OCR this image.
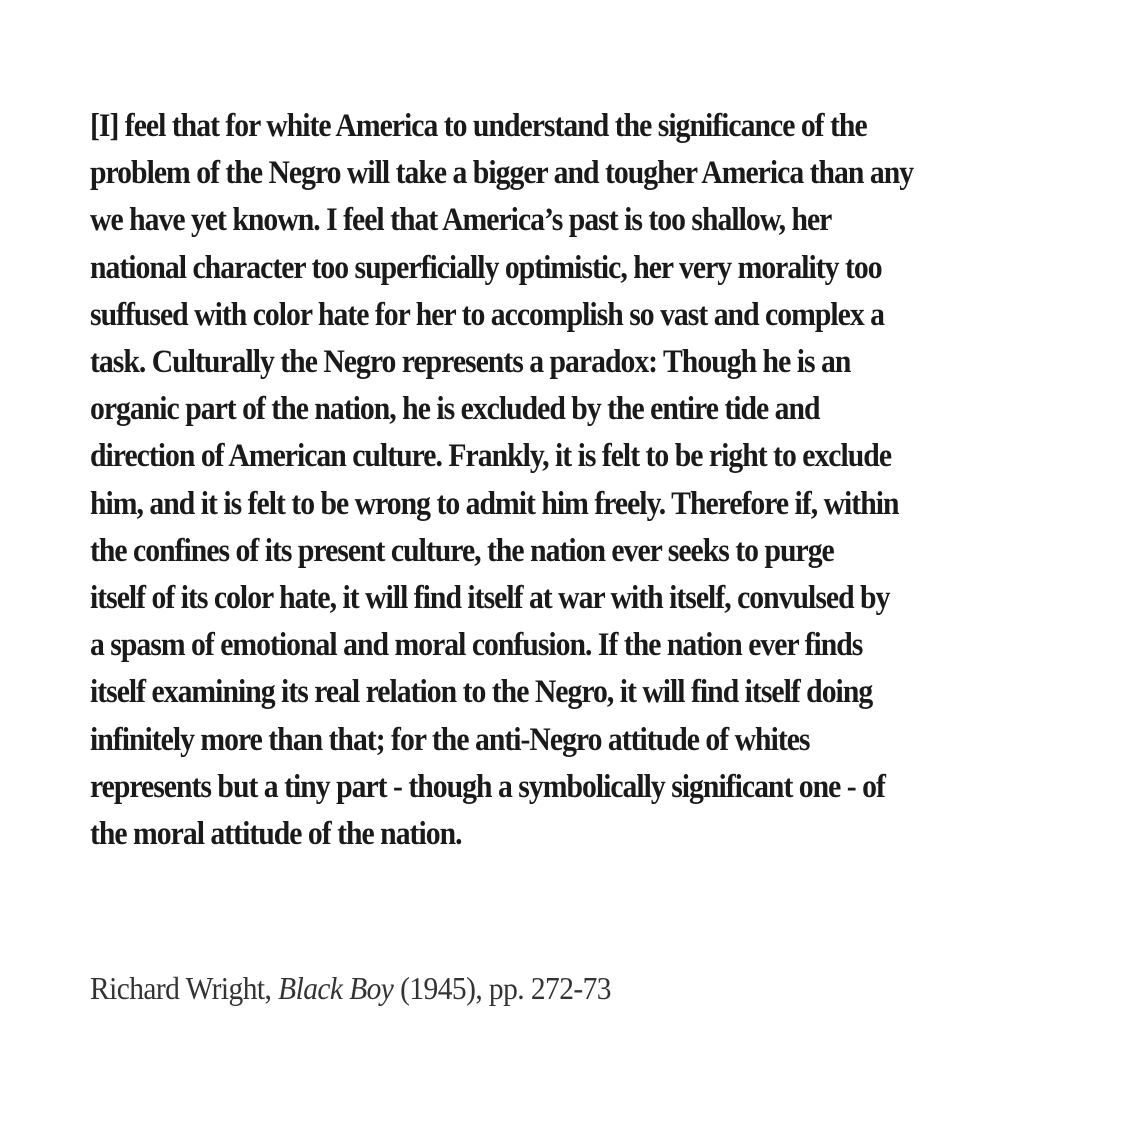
[I] feel that for white America to understand the significance of the
problem of the Negro will take a bigger and tougher America than any
we have yet known. I feel that America’s past is too shallow, her
national character too superficially optimistic, her very morality too
suffused with color hate for her to accomplish so vast and complex a
task. Culturally the Negro represents a paradox: Though he is an
organic part of the nation, he is excluded by the entire tide and
direction of American culture. Frankly, it is felt to be right to exclude
him, and it is felt to be wrong to admit him freely. Therefore if, within
the confines of its present culture, the nation ever seeks to purge
itself of its color hate, it will find itself at war with itself, convulsed by
a spasm of emotional and moral confusion. If the nation ever finds
itself examining its real relation to the Negro, it will find itself doing
infinitely more than that; for the anti-Negro attitude of whites
represents but a tiny part - though a symbolically significant one - of
the moral attitude of the nation.

Richard Wright, Black Boy (1945), pp. 272-73
